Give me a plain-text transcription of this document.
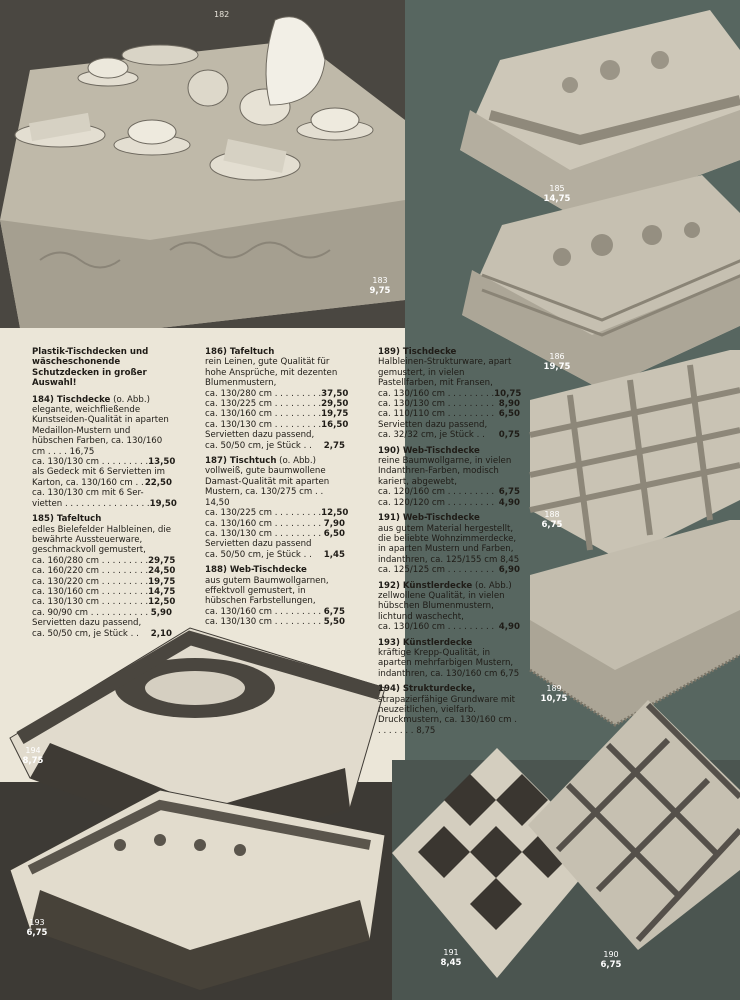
182
183
9,75
185
14,75
186
19,75
188
6,75
189
10,75
194
8,75
193
6,75
191
8,45
190
6,75
Plastik-Tischdecken und wäscheschonende Schutzdecken in großer Auswahl!
184) Tischdecke (o. Abb.)
elegante, weichfließende Kunstseiden-Qualität in aparten Medaillon-Mustern und hübschen Farben, ca. 130/160 cm . . . . 16,75
ca. 130/130 cm . . . . . . . . . 13,50
als Gedeck mit 6 Servietten im
Karton, ca. 130/160 cm . . 22,50
ca. 130/130 cm mit 6 Ser-
vietten . . . . . . . . . . . . . . . . 19,50
185) Tafeltuch
edles Bielefelder Halbleinen, die bewährte Aussteuerware, geschmackvoll gemustert,
ca. 160/280 cm . . . . . . . . . 29,75
ca. 160/220 cm . . . . . . . . . 24,50
ca. 130/220 cm . . . . . . . . . 19,75
ca. 130/160 cm . . . . . . . . . 14,75
ca. 130/130 cm . . . . . . . . . 12,50
ca. 90/90 cm . . . . . . . . . . . 5,90
Servietten dazu passend,
ca. 50/50 cm, je Stück . . 2,10
186) Tafeltuch
rein Leinen, gute Qualität für hohe Ansprüche, mit dezenten Blumenmustern,
ca. 130/280 cm . . . . . . . . . 37,50
ca. 130/225 cm . . . . . . . . . 29,50
ca. 130/160 cm . . . . . . . . . 19,75
ca. 130/130 cm . . . . . . . . . 16,50
Servietten dazu passend,
ca. 50/50 cm, je Stück . . 2,75
187) Tischtuch (o. Abb.)
vollweiß, gute baumwollene Damast-Qualität mit aparten Mustern, ca. 130/275 cm . . 14,50
ca. 130/225 cm . . . . . . . . . 12,50
ca. 130/160 cm . . . . . . . . . 7,90
ca. 130/130 cm . . . . . . . . . 6,50
Servietten dazu passend
ca. 50/50 cm, je Stück . . 1,45
188) Web-Tischdecke
aus gutem Baumwollgarnen, effektvoll gemustert, in hübschen Farbstellungen,
ca. 130/160 cm . . . . . . . . . 6,75
ca. 130/130 cm . . . . . . . . . 5,50
189) Tischdecke
Halbleinen-Strukturware, apart gemustert, in vielen Pastellfarben, mit Fransen,
ca. 130/160 cm . . . . . . . . . 10,75
ca. 130/130 cm . . . . . . . . . 8,90
ca. 110/110 cm . . . . . . . . . 6,50
Servietten dazu passend,
ca. 32/32 cm, je Stück . . 0,75
190) Web-Tischdecke
reine Baumwollgarne, in vielen Indanthren-Farben, modisch kariert, abgewebt,
ca. 120/160 cm . . . . . . . . . 6,75
ca. 120/120 cm . . . . . . . . . 4,90
191) Web-Tischdecke
aus gutem Material hergestellt, die beliebte Wohnzimmerdecke, in aparten Mustern und Farben, indanthren, ca. 125/155 cm 8,45
ca. 125/125 cm . . . . . . . . . 6,90
192) Künstlerdecke (o. Abb.)
zellwollene Qualität, in vielen hübschen Blumenmustern, lichtund waschecht,
ca. 130/160 cm . . . . . . . . . 4,90
193) Künstlerdecke
kräftige Krepp-Qualität, in aparten mehrfarbigen Mustern, indanthren, ca. 130/160 cm 6,75
194) Strukturdecke,
strapazierfähige Grundware mit neuzeitlichen, vielfarb. Druckmustern, ca. 130/160 cm . . . . . . . . 8,75
